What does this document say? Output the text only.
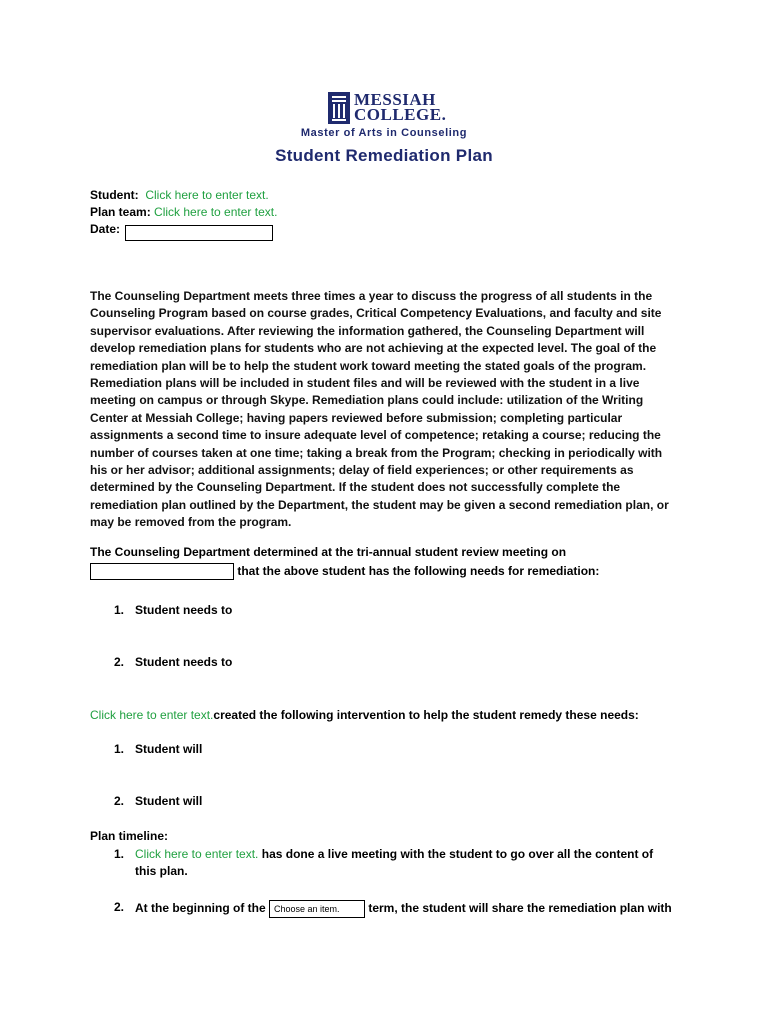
MESSIAH
COLLEGE.
Master of Arts in Counseling
Student Remediation Plan
Student: Click here to enter text.
Plan team: Click here to enter text.
Date:
The Counseling Department meets three times a year to discuss the progress of all students in the Counseling Program based on course grades, Critical Competency Evaluations, and faculty and site supervisor evaluations. After reviewing the information gathered, the Counseling Department will develop remediation plans for students who are not achieving at the expected level. The goal of the remediation plan will be to help the student work toward meeting the stated goals of the program. Remediation plans will be included in student files and will be reviewed with the student in a live meeting on campus or through Skype. Remediation plans could include: utilization of the Writing Center at Messiah College; having papers reviewed before submission; completing particular assignments a second time to insure adequate level of competence; retaking a course; reducing the number of courses taken at one time; taking a break from the Program; checking in periodically with his or her advisor; additional assignments; delay of field experiences; or other requirements as determined by the Counseling Department. If the student does not successfully complete the remediation plan outlined by the Department, the student may be given a second remediation plan, or may be removed from the program.
The Counseling Department determined at the tri-annual student review meeting on
that the above student has the following needs for remediation:
1. Student needs to
2. Student needs to
Click here to enter text.created the following intervention to help the student remedy these needs:
1. Student will
2. Student will
Plan timeline:
1. Click here to enter text. has done a live meeting with the student to go over all the content of
this plan.
2. At the beginning of the Choose an item. term, the student will share the remediation plan with
